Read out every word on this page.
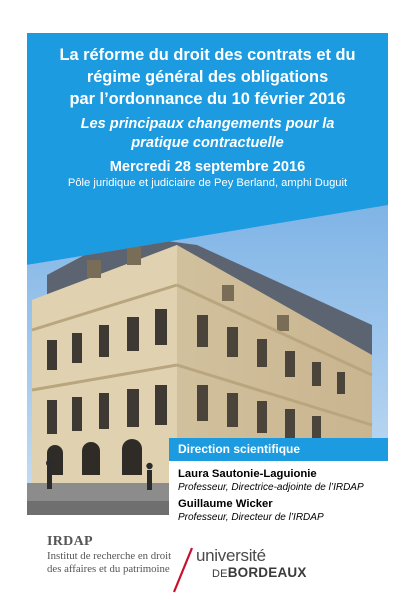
La réforme du droit des contrats et du
régime général des obligations
par l’ordonnance du 10 février 2016
Les principaux changements pour la
pratique contractuelle
Mercredi 28 septembre 2016
Pôle juridique et judiciaire de Pey Berland, amphi Duguit
Direction scientifique
Laura Sautonie-Laguionie
Professeur, Directrice-adjointe de l’IRDAP
Guillaume Wicker
Professeur, Directeur de l’IRDAP
IRDAP
Institut de recherche en droit
des affaires et du patrimoine
université
DEBORDEAUX
